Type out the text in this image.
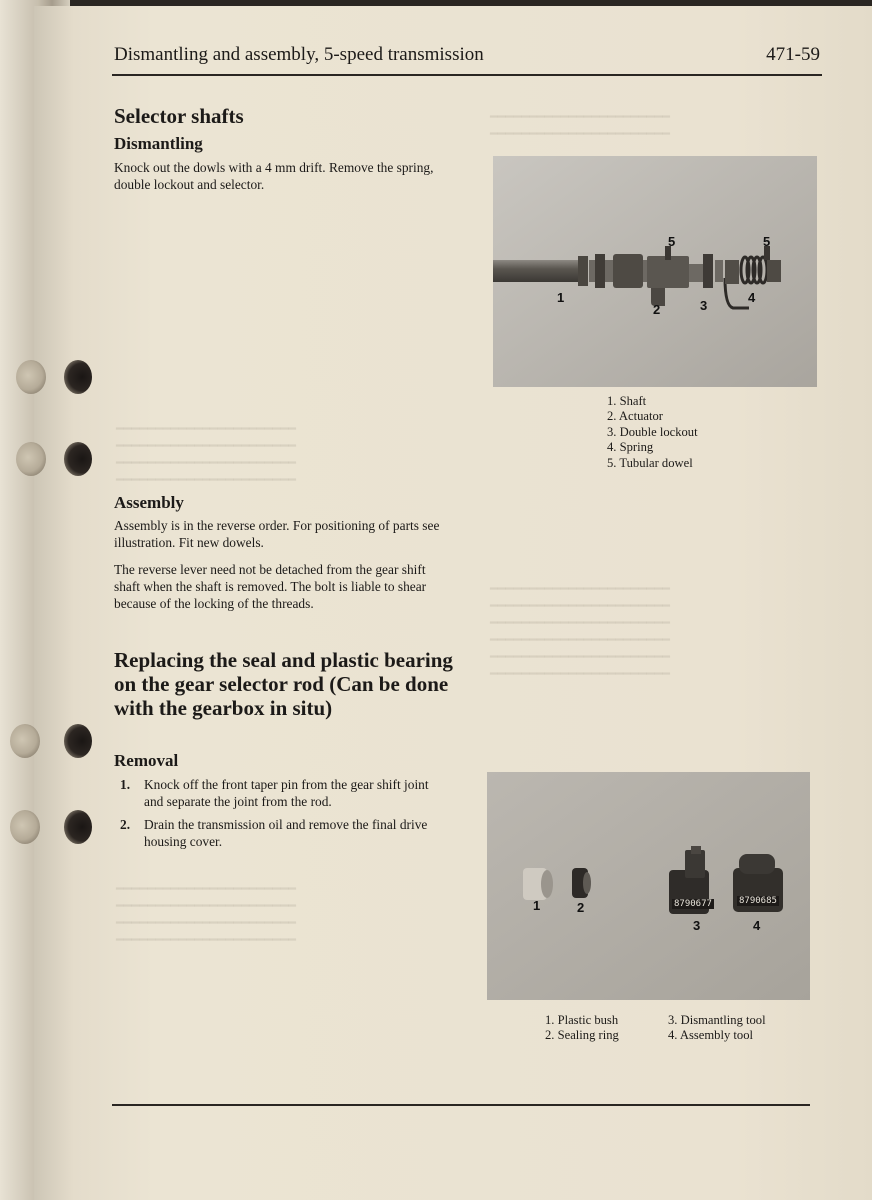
━━━━━━━━━━━━━━━━━━━━━━━
━━━━━━━━━━━━━━━━━━━━━━━
━━━━━━━━━━━━━━━━━━━━━━━
━━━━━━━━━━━━━━━━━━━━━━━
━━━━━━━━━━━━━━━━━━━━━━━
━━━━━━━━━━━━━━━━━━━━━━━
━━━━━━━━━━━━━━━━━━━━━━━
━━━━━━━━━━━━━━━━━━━━━━━
━━━━━━━━━━━━━━━━━━━━━━━
━━━━━━━━━━━━━━━━━━━━━━━
━━━━━━━━━━━━━━━━━━━━━━━
━━━━━━━━━━━━━━━━━━━━━━━
━━━━━━━━━━━━━━━━━━━━━━━
━━━━━━━━━━━━━━━━━━━━━━━
━━━━━━━━━━━━━━━━━━━━━━━
━━━━━━━━━━━━━━━━━━━━━━━
Dismantling and assembly, 5-speed transmission	471-59
Selector shafts
Dismantling
Knock out the dowls with a 4 mm drift. Remove the spring, double lockout and selector.
Assembly
Assembly is in the reverse order. For positioning of parts see illustration. Fit new dowels.
The reverse lever need not be detached from the gear shift shaft when the shaft is removed. The bolt is liable to shear because of the locking of the threads.
Replacing the seal and plastic bearing on the gear selector rod (Can be done with the gearbox in situ)
Removal
1.	Knock off the front taper pin from the gear shift joint and separate the joint from the rod.
2.	Drain the transmission oil and remove the final drive housing cover.
1
2	3
4
5	5
1. Shaft
2. Actuator
3. Double lockout
4. Spring
5. Tubular dowel
8790677	8790685
1	2
3	4
1. Plastic bush
2. Sealing ring
3. Dismantling tool
4. Assembly tool
